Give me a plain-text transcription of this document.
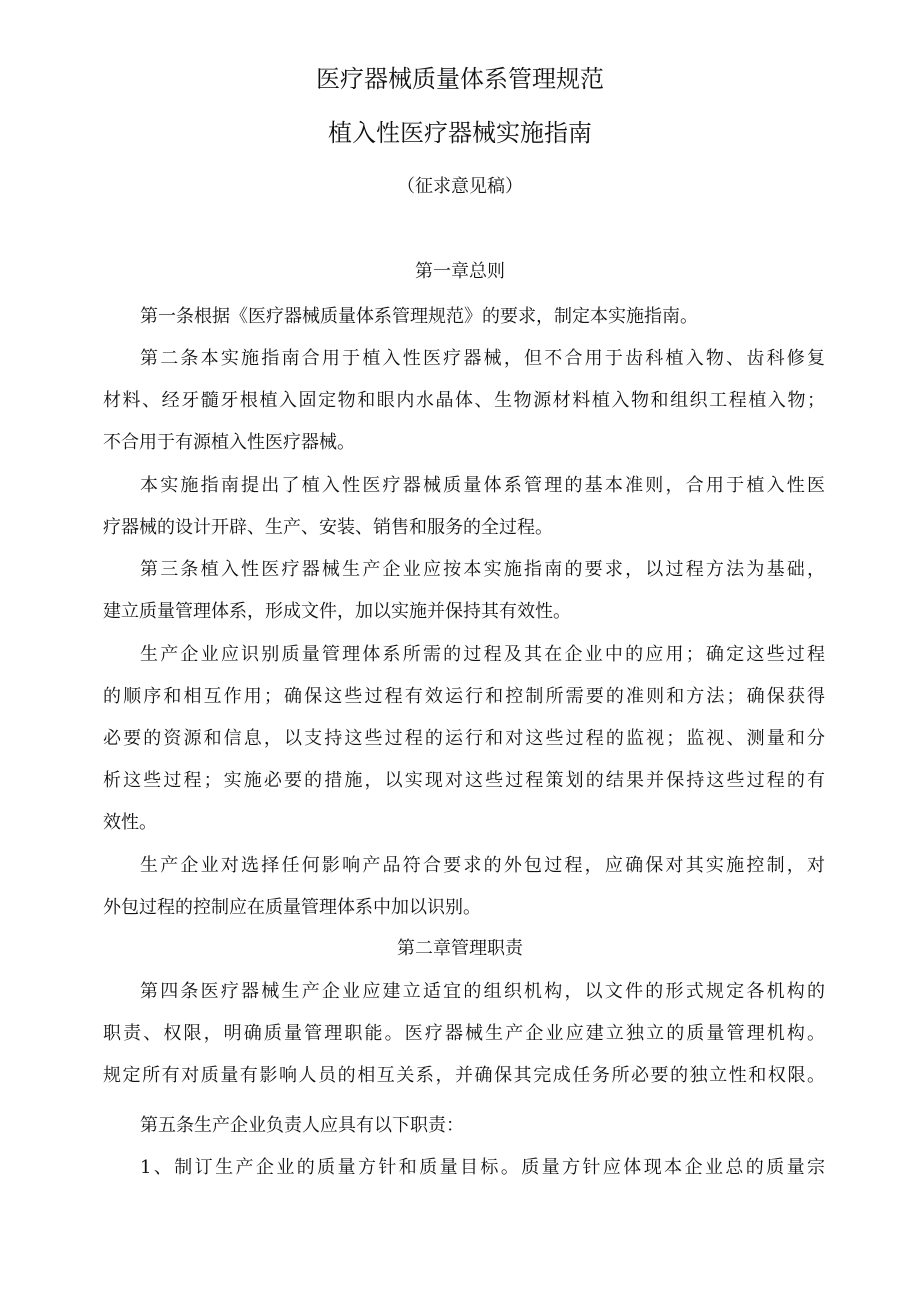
医疗器械质量体系管理规范
植入性医疗器械实施指南
（征求意见稿）
第一章总则
第一条根据《医疗器械质量体系管理规范》的要求，制定本实施指南。
第二条本实施指南合用于植入性医疗器械，但不合用于齿科植入物、齿科修复
材料、经牙髓牙根植入固定物和眼内水晶体、生物源材料植入物和组织工程植入物；
不合用于有源植入性医疗器械。
本实施指南提出了植入性医疗器械质量体系管理的基本准则，合用于植入性医
疗器械的设计开辟、生产、安装、销售和服务的全过程。
第三条植入性医疗器械生产企业应按本实施指南的要求，以过程方法为基础，
建立质量管理体系，形成文件，加以实施并保持其有效性。
生产企业应识别质量管理体系所需的过程及其在企业中的应用；确定这些过程
的顺序和相互作用；确保这些过程有效运行和控制所需要的准则和方法；确保获得
必要的资源和信息，以支持这些过程的运行和对这些过程的监视；监视、测量和分
析这些过程；实施必要的措施，以实现对这些过程策划的结果并保持这些过程的有
效性。
生产企业对选择任何影响产品符合要求的外包过程，应确保对其实施控制，对
外包过程的控制应在质量管理体系中加以识别。
第二章管理职责
第四条医疗器械生产企业应建立适宜的组织机构，以文件的形式规定各机构的
职责、权限，明确质量管理职能。医疗器械生产企业应建立独立的质量管理机构。
规定所有对质量有影响人员的相互关系，并确保其完成任务所必要的独立性和权限。
第五条生产企业负责人应具有以下职责：
1、制订生产企业的质量方针和质量目标。质量方针应体现本企业总的质量宗
